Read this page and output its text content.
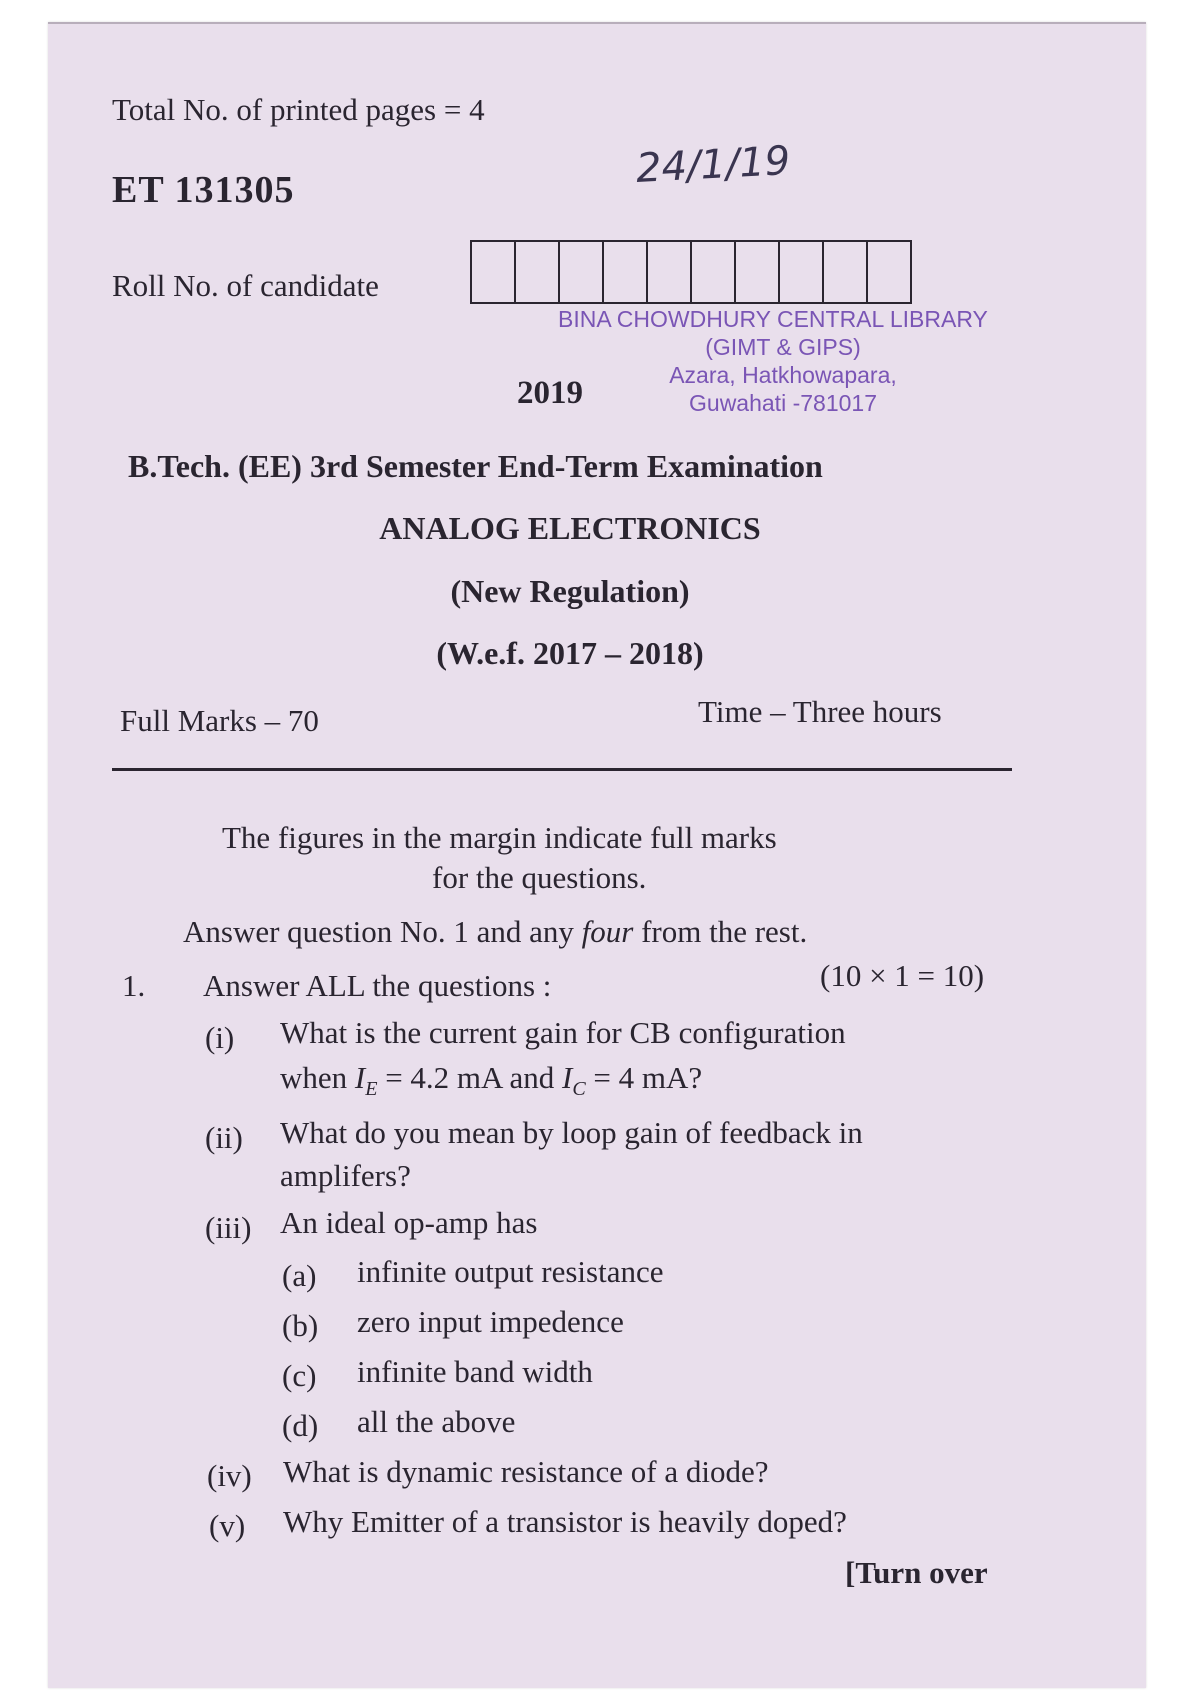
Total No. of printed pages = 4
24/1/19
ET 131305
Roll No. of candidate
BINA CHOWDHURY CENTRAL LIBRARY
(GIMT & GIPS)
Azara, Hatkhowapara,
Guwahati -781017
2019
B.Tech. (EE) 3rd Semester End-Term Examination
ANALOG ELECTRONICS
(New Regulation)
(W.e.f. 2017 – 2018)
Full Marks – 70	Time – Three hours
The figures in the margin indicate full marks
for the questions.
Answer question No. 1 and any four from the rest.
1. Answer ALL the questions :	(10 × 1 = 10)
(i) What is the current gain for CB configuration
when $I_E = 4.2$ mA and $I_C = 4$ mA?
(ii) What do you mean by loop gain of feedback in
amplifers?
(iii) An ideal op-amp has
(a) infinite output resistance
(b) zero input impedence
(c) infinite band width
(d) all the above
(iv) What is dynamic resistance of a diode?
(v) Why Emitter of a transistor is heavily doped?
[Turn over
